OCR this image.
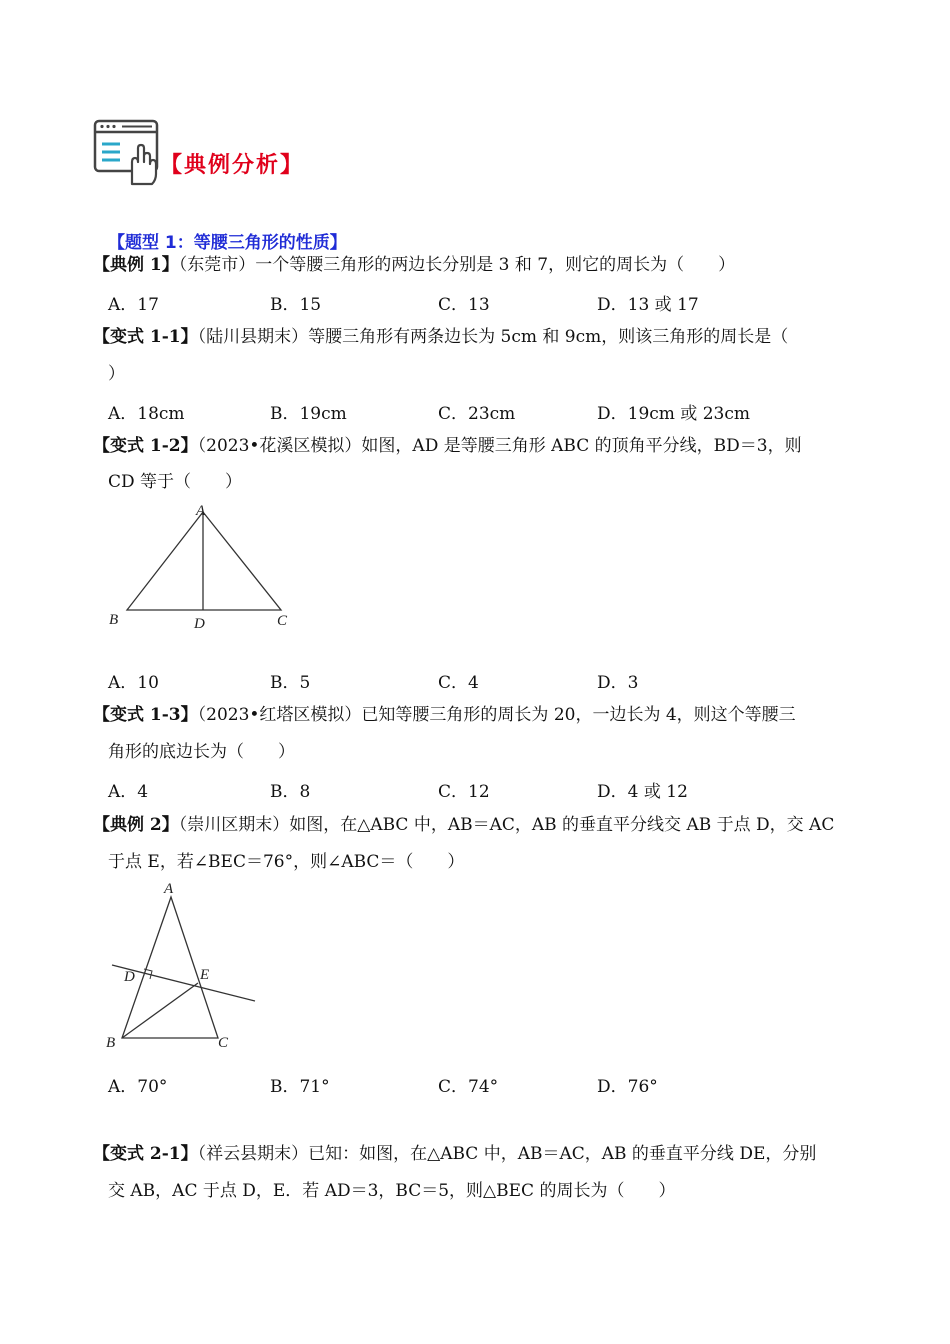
【典例分析】
【题型 1：等腰三角形的性质】
【典例 1】（东莞市）一个等腰三角形的两边长分别是 3 和 7，则它的周长为（　　）
A．17	B．15	C．13	D．13 或 17
【变式 1-1】（陆川县期末）等腰三角形有两条边长为 5cm 和 9cm，则该三角形的周长是（
）
A．18cm	B．19cm	C．23cm	D．19cm 或 23cm
【变式 1-2】（2023•花溪区模拟）如图，AD 是等腰三角形 ABC 的顶角平分线，BD＝3，则
CD 等于（　　）
A
B	C
D
A．10	B．5	C．4	D．3
【变式 1-3】（2023•红塔区模拟）已知等腰三角形的周长为 20，一边长为 4，则这个等腰三
角形的底边长为（　　）
A．4	B．8	C．12	D．4 或 12
【典例 2】（崇川区期末）如图，在△ABC 中，AB＝AC，AB 的垂直平分线交 AB 于点 D，交 AC
于点 E，若∠BEC＝76°，则∠ABC＝（　　）
A
D	E
B	C
A．70°	B．71°	C．74°	D．76°
【变式 2-1】（祥云县期末）已知：如图，在△ABC 中，AB＝AC，AB 的垂直平分线 DE，分别
交 AB，AC 于点 D，E．若 AD＝3，BC＝5，则△BEC 的周长为（　　）
